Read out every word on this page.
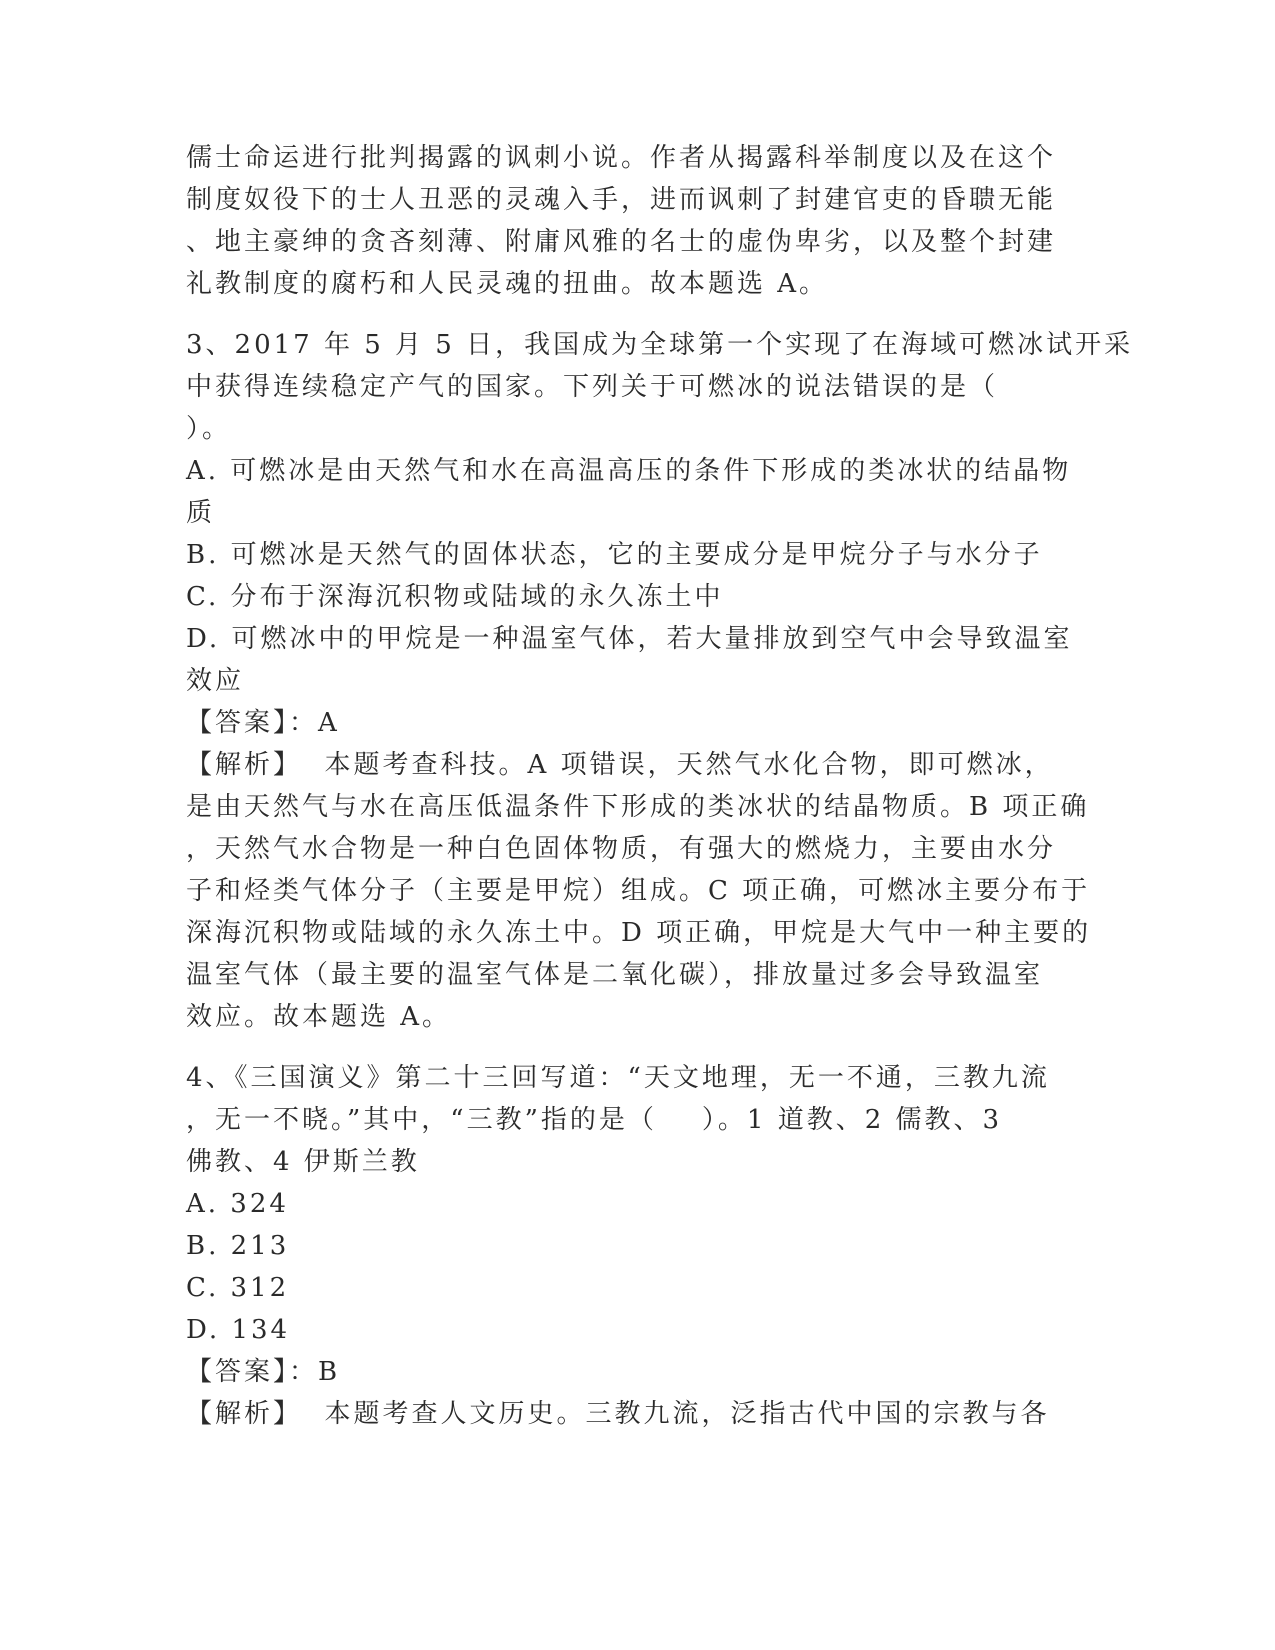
儒士命运进行批判揭露的讽刺小说。作者从揭露科举制度以及在这个
制度奴役下的士人丑恶的灵魂入手，进而讽刺了封建官吏的昏聩无能
、地主豪绅的贪吝刻薄、附庸风雅的名士的虚伪卑劣，以及整个封建
礼教制度的腐朽和人民灵魂的扭曲。故本题选 A。
3、2017 年 5 月 5 日，我国成为全球第一个实现了在海域可燃冰试开采
中获得连续稳定产气的国家。下列关于可燃冰的说法错误的是（
）。
A. 可燃冰是由天然气和水在高温高压的条件下形成的类冰状的结晶物
质
B. 可燃冰是天然气的固体状态，它的主要成分是甲烷分子与水分子
C. 分布于深海沉积物或陆域的永久冻土中
D. 可燃冰中的甲烷是一种温室气体，若大量排放到空气中会导致温室
效应
【答案】：A
【解析】  本题考查科技。A 项错误，天然气水化合物，即可燃冰，
是由天然气与水在高压低温条件下形成的类冰状的结晶物质。B 项正确
，天然气水合物是一种白色固体物质，有强大的燃烧力，主要由水分
子和烃类气体分子（主要是甲烷）组成。C 项正确，可燃冰主要分布于
深海沉积物或陆域的永久冻土中。D 项正确，甲烷是大气中一种主要的
温室气体（最主要的温室气体是二氧化碳），排放量过多会导致温室
效应。故本题选 A。
4、《三国演义》第二十三回写道：“天文地理，无一不通，三教九流
，无一不晓。”其中，“三教”指的是（    ）。1 道教、2 儒教、3
佛教、4 伊斯兰教
A. 324
B. 213
C. 312
D. 134
【答案】：B
【解析】  本题考查人文历史。三教九流，泛指古代中国的宗教与各
